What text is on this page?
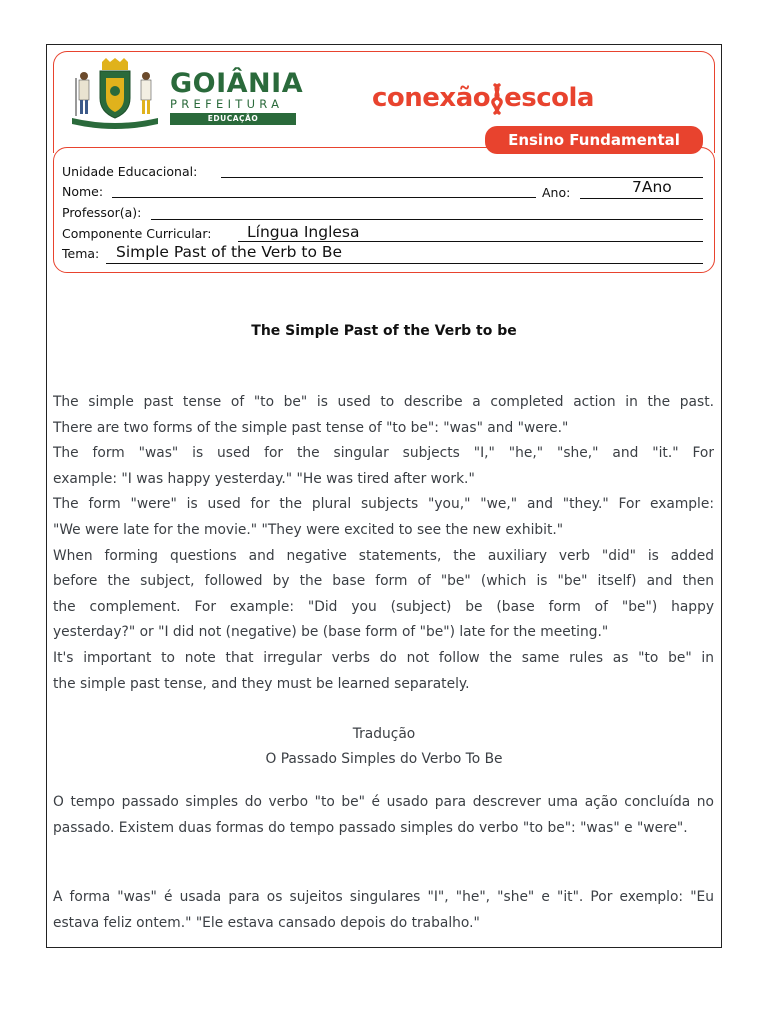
GOIÂNIA
PREFEITURA
EDUCAÇÃO
conexão escola
Ensino Fundamental
Unidade Educacional:
Nome:	Ano:	7Ano
Professor(a):
Componente Curricular: Língua Inglesa
Tema: Simple Past of the Verb to Be
The Simple Past of the Verb to be
The simple past tense of "to be" is used to describe a completed action in the past.
There are two forms of the simple past tense of "to be": "was" and "were."
The form "was" is used for the singular subjects "I," "he," "she," and "it." For
example: "I was happy yesterday." "He was tired after work."
The form "were" is used for the plural subjects "you," "we," and "they." For example:
"We were late for the movie." "They were excited to see the new exhibit."
When forming questions and negative statements, the auxiliary verb "did" is added
before the subject, followed by the base form of "be" (which is "be" itself) and then
the complement. For example: "Did you (subject) be (base form of "be") happy
yesterday?" or "I did not (negative) be (base form of "be") late for the meeting."
It's important to note that irregular verbs do not follow the same rules as "to be" in
the simple past tense, and they must be learned separately.
Tradução
O Passado Simples do Verbo To Be
O tempo passado simples do verbo "to be" é usado para descrever uma ação concluída no passado. Existem duas formas do tempo passado simples do verbo "to be": "was" e "were".
A forma "was" é usada para os sujeitos singulares "I", "he", "she" e "it". Por exemplo: "Eu estava feliz ontem." "Ele estava cansado depois do trabalho."
